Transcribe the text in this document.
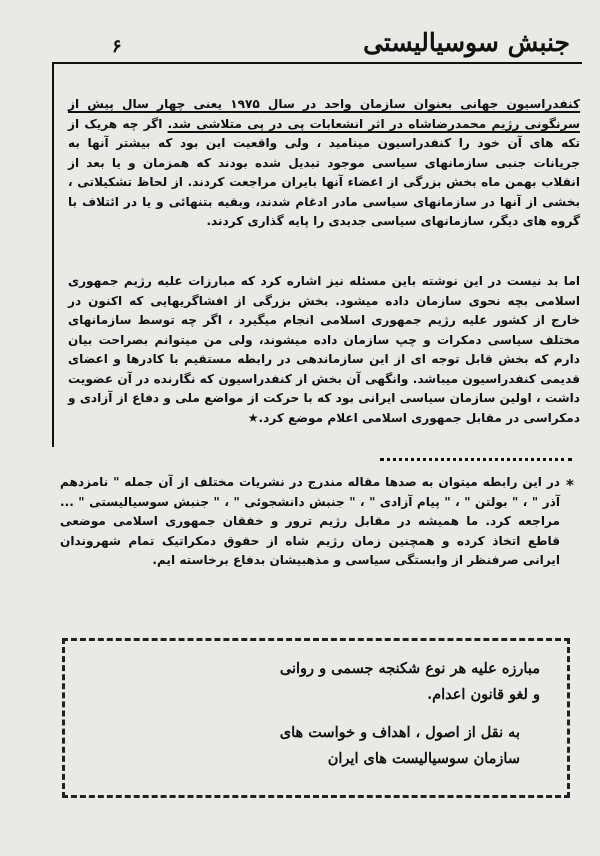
جنبش سوسیالیستی
۶

کنفدراسیون جهانی بعنوان سازمان واحد در سال ۱۹۷۵ یعنی چهار سال پیش از سرنگونی رژیم محمدرضاشاه در اثر انشعابات پی در پی متلاشی شد. اگر چه هریک از تکه های آن خود را کنفدراسیون مینامید ، ولی واقعیت این بود که بیشتر آنها به جریانات جنبی سازمانهای سیاسی موجود تبدیل شده بودند که همزمان و یا بعد از انقلاب بهمن ماه بخش بزرگی از اعضاء آنها بایران مراجعت کردند. از لحاظ تشکیلاتی ، بخشی از آنها در سازمانهای سیاسی مادر ادغام شدند، وبقیه بتنهائی و یا در ائتلاف با گروه های دیگر، سازمانهای سیاسی جدیدی را پایه گذاری کردند.

اما بد نیست در این نوشته باین مسئله نیز اشاره کرد که مبارزات علیه رژیم جمهوری اسلامی بچه نحوی سازمان داده میشود. بخش بزرگی از افشاگریهایی که اکنون در خارج از کشور علیه رژیم جمهوری اسلامی انجام میگیرد ، اگر چه توسط سازمانهای مختلف سیاسی دمکرات و چپ سازمان داده میشوند، ولی من میتوانم بصراحت بیان دارم که بخش قابل توجه ای از این سازماندهی در رابطه مستقیم با کادرها و اعضای قدیمی کنفدراسیون میباشد. وانگهی آن بخش از کنفدراسیون که نگارنده در آن عضویت داشت ، اولین سازمان سیاسی ایرانی بود که با حرکت از مواضع ملی و دفاع از آزادی و دمکراسی در مقابل جمهوری اسلامی اعلام موضع کرد.★

*

در این رابطه میتوان به صدها مقاله مندرج در نشریات مختلف از آن جمله " نامزدهم آذر " ، " بولتن " ، " پیام آزادی " ، " جنبش دانشجوئی " ، " جنبش سوسیالیستی " ... مراجعه کرد. ما همیشه در مقابل رژیم ترور و خفقان جمهوری اسلامی موضعی قاطع اتخاذ کرده و همچنین زمان رژیم شاه از حقوق دمکراتیک تمام شهروندان ایرانی صرفنظر از وابستگی سیاسی و مذهبیشان بدفاع برخاسته ایم.

مبارزه علیه هر نوع شکنجه جسمی و روانی

و لغو قانون اعدام.

به نقل از اصول ، اهداف و خواست های

سازمان سوسیالیست های ایران
